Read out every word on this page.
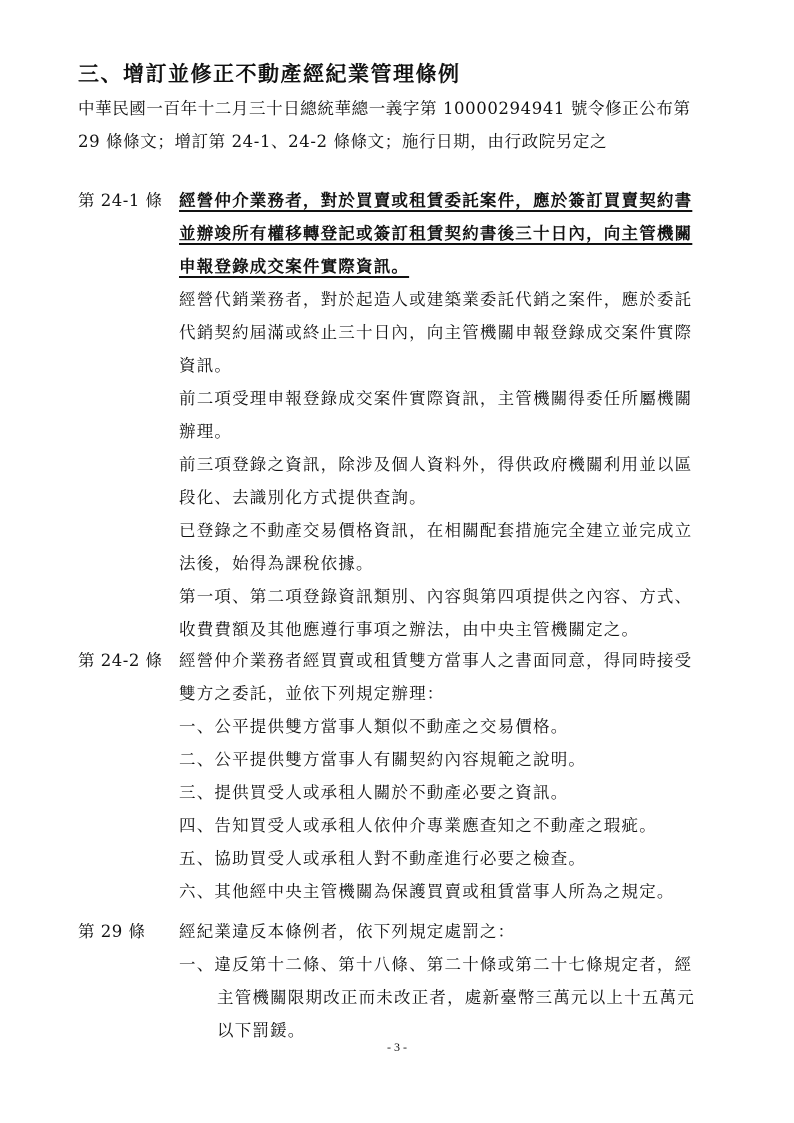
三、增訂並修正不動產經紀業管理條例
中華民國一百年十二月三十日總統華總一義字第 10000294941 號令修正公布第
29 條條文；增訂第 24-1、24-2 條條文；施行日期，由行政院另定之
第 24-1 條 經營仲介業務者，對於買賣或租賃委託案件，應於簽訂買賣契約書
並辦竣所有權移轉登記或簽訂租賃契約書後三十日內，向主管機關
申報登錄成交案件實際資訊。
經營代銷業務者，對於起造人或建築業委託代銷之案件，應於委託
代銷契約屆滿或終止三十日內，向主管機關申報登錄成交案件實際
資訊。
前二項受理申報登錄成交案件實際資訊，主管機關得委任所屬機關
辦理。
前三項登錄之資訊，除涉及個人資料外，得供政府機關利用並以區
段化、去識別化方式提供查詢。
已登錄之不動產交易價格資訊，在相關配套措施完全建立並完成立
法後，始得為課稅依據。
第一項、第二項登錄資訊類別、內容與第四項提供之內容、方式、
收費費額及其他應遵行事項之辦法，由中央主管機關定之。
第 24-2 條 經營仲介業務者經買賣或租賃雙方當事人之書面同意，得同時接受
雙方之委託，並依下列規定辦理：
一、公平提供雙方當事人類似不動產之交易價格。
二、公平提供雙方當事人有關契約內容規範之說明。
三、提供買受人或承租人關於不動產必要之資訊。
四、告知買受人或承租人依仲介專業應查知之不動產之瑕疵。
五、協助買受人或承租人對不動產進行必要之檢查。
六、其他經中央主管機關為保護買賣或租賃當事人所為之規定。
第 29 條 經紀業違反本條例者，依下列規定處罰之：
一、違反第十二條、第十八條、第二十條或第二十七條規定者，經
主管機關限期改正而未改正者，處新臺幣三萬元以上十五萬元
以下罰鍰。
- 3 -
